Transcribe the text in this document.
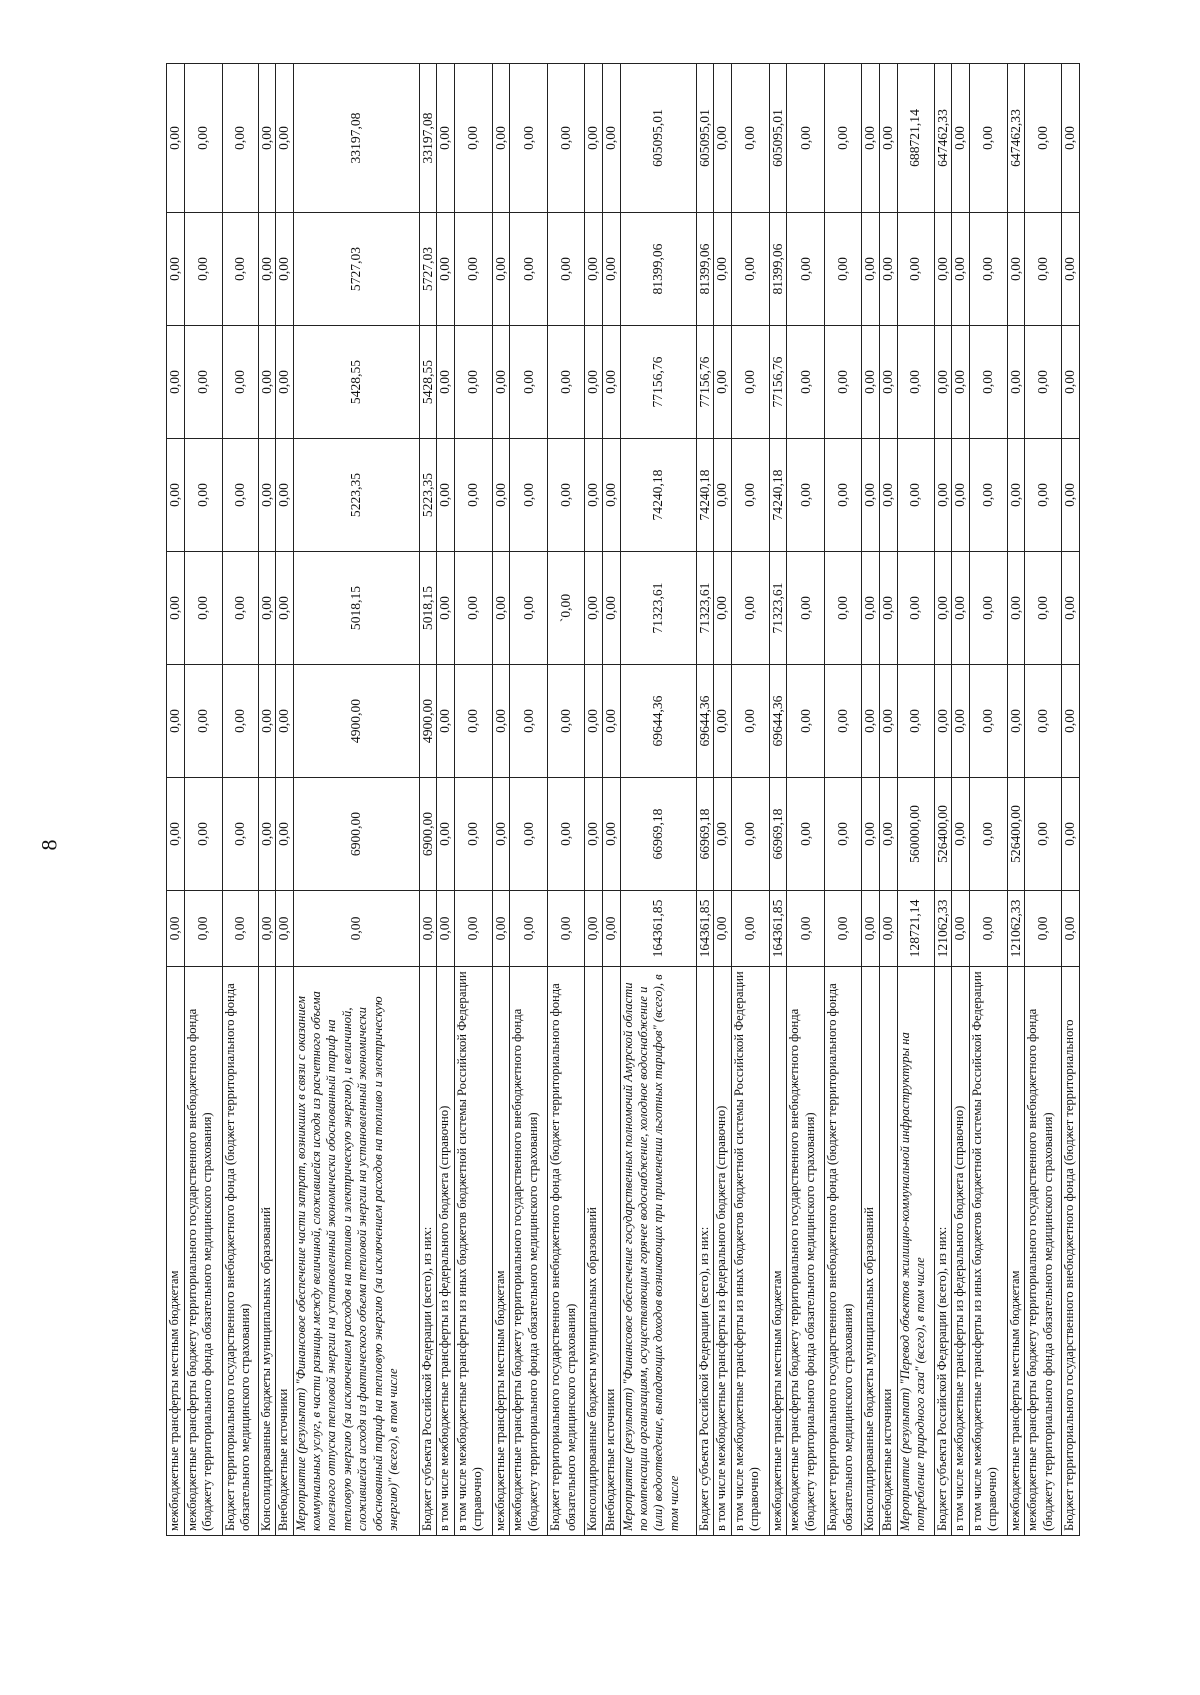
8
межбюджетные трансферты местным бюджетам	0,00	0,00	0,00	0,00	0,00	0,00	0,00	0,00
межбюджетные трансферты бюджету территориального государственного внебюджетного фонда (бюджету территориального фонда обязательного медицинского страхования)	0,00	0,00	0,00	0,00	0,00	0,00	0,00	0,00
Бюджет территориального государственного внебюджетного фонда (бюджет территориального фонда обязательного медицинского страхования)	0,00	0,00	0,00	0,00	0,00	0,00	0,00	0,00
Консолидированные бюджеты муниципальных образований	0,00	0,00	0,00	0,00	0,00	0,00	0,00	0,00
Внебюджетные источники	0,00	0,00	0,00	0,00	0,00	0,00	0,00	0,00
Мероприятие (результат) "Финансовое обеспечение части затрат, возникших в связи с оказанием коммунальных услуг, в части разницы между величиной, сложившейся исходя из расчетного объема полезного отпуска тепловой энергии на установленный экономически обоснованный тариф на тепловую энергию (за исключением расходов на топливо и электрическую энергию), и величиной, сложившейся исходя из фактического объема тепловой энергии на установленный экономически обоснованный тариф на тепловую энергию (за исключением расходов на топливо и электрическую энергию)" (всего), в том числе	0,00	6900,00	4900,00	5018,15	5223,35	5428,55	5727,03	33197,08
Бюджет субъекта Российской Федерации (всего), из них:	0,00	6900,00	4900,00	5018,15	5223,35	5428,55	5727,03	33197,08
в том числе межбюджетные трансферты из федерального бюджета (справочно)	0,00	0,00	0,00	0,00	0,00	0,00	0,00	0,00
в том числе межбюджетные трансферты из иных бюджетов бюджетной системы Российской Федерации (справочно)	0,00	0,00	0,00	0,00	0,00	0,00	0,00	0,00
межбюджетные трансферты местным бюджетам	0,00	0,00	0,00	0,00	0,00	0,00	0,00	0,00
межбюджетные трансферты бюджету территориального государственного внебюджетного фонда (бюджету территориального фонда обязательного медицинского страхования)	0,00	0,00	0,00	0,00	0,00	0,00	0,00	0,00
Бюджет территориального государственного внебюджетного фонда (бюджет территориального фонда обязательного медицинского страхования)	0,00	0,00	0,00	`0,00	0,00	0,00	0,00	0,00
Консолидированные бюджеты муниципальных образований	0,00	0,00	0,00	0,00	0,00	0,00	0,00	0,00
Внебюджетные источники	0,00	0,00	0,00	0,00	0,00	0,00	0,00	0,00
Мероприятие (результат) "Финансовое обеспечение государственных полномочий Амурской области по компенсации организациям, осуществляющим горячее водоснабжение, холодное водоснабжение и (или) водоотведение, выпадающих доходов возникающих при применении льготных тарифов" (всего), в том числе	164361,85	66969,18	69644,36	71323,61	74240,18	77156,76	81399,06	605095,01
Бюджет субъекта Российской Федерации (всего), из них:	164361,85	66969,18	69644,36	71323,61	74240,18	77156,76	81399,06	605095,01
в том числе межбюджетные трансферты из федерального бюджета (справочно)	0,00	0,00	0,00	0,00	0,00	0,00	0,00	0,00
в том числе межбюджетные трансферты из иных бюджетов бюджетной системы Российской Федерации (справочно)	0,00	0,00	0,00	0,00	0,00	0,00	0,00	0,00
межбюджетные трансферты местным бюджетам	164361,85	66969,18	69644,36	71323,61	74240,18	77156,76	81399,06	605095,01
межбюджетные трансферты бюджету территориального государственного внебюджетного фонда (бюджету территориального фонда обязательного медицинского страхования)	0,00	0,00	0,00	0,00	0,00	0,00	0,00	0,00
Бюджет территориального государственного внебюджетного фонда (бюджет территориального фонда обязательного медицинского страхования)	0,00	0,00	0,00	0,00	0,00	0,00	0,00	0,00
Консолидированные бюджеты муниципальных образований	0,00	0,00	0,00	0,00	0,00	0,00	0,00	0,00
Внебюджетные источники	0,00	0,00	0,00	0,00	0,00	0,00	0,00	0,00
Мероприятие (результат) "Перевод объектов жилищно-коммунальной инфраструктуры на потребление природного газа" (всего), в том числе	128721,14	560000,00	0,00	0,00	0,00	0,00	0,00	688721,14
Бюджет субъекта Российской Федерации (всего), из них:	121062,33	526400,00	0,00	0,00	0,00	0,00	0,00	647462,33
в том числе межбюджетные трансферты из федерального бюджета (справочно)	0,00	0,00	0,00	0,00	0,00	0,00	0,00	0,00
в том числе межбюджетные трансферты из иных бюджетов бюджетной системы Российской Федерации (справочно)	0,00	0,00	0,00	0,00	0,00	0,00	0,00	0,00
межбюджетные трансферты местным бюджетам	121062,33	526400,00	0,00	0,00	0,00	0,00	0,00	647462,33
межбюджетные трансферты бюджету территориального государственного внебюджетного фонда (бюджету территориального фонда обязательного медицинского страхования)	0,00	0,00	0,00	0,00	0,00	0,00	0,00	0,00
Бюджет территориального государственного внебюджетного фонда (бюджет территориального	0,00	0,00	0,00	0,00	0,00	0,00	0,00	0,00
